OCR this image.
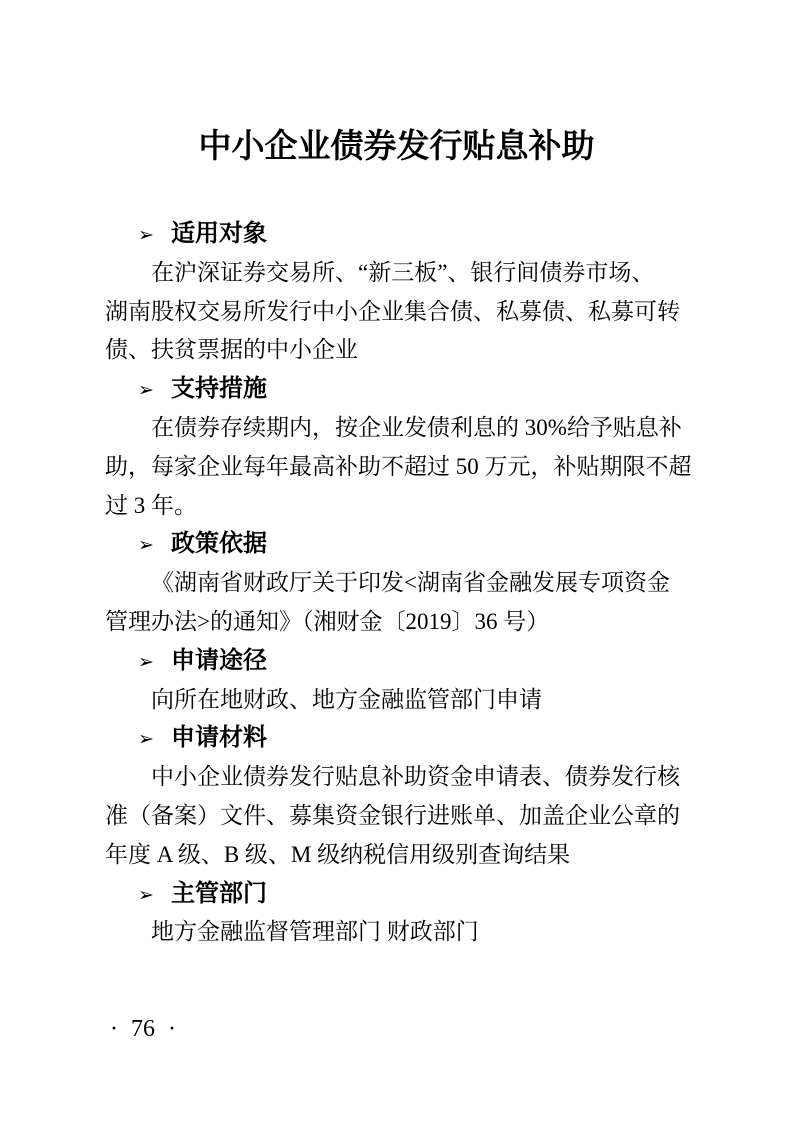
中小企业债券发行贴息补助
➢ 适用对象
在沪深证券交易所、“新三板”、银行间债券市场、
湖南股权交易所发行中小企业集合债、私募债、私募可转
债、扶贫票据的中小企业
➢ 支持措施
在债券存续期内，按企业发债利息的 30%给予贴息补
助，每家企业每年最高补助不超过 50 万元，补贴期限不超
过 3 年。
➢ 政策依据
《湖南省财政厅关于印发<湖南省金融发展专项资金
管理办法>的通知》（湘财金〔2019〕36 号）
➢ 申请途径
向所在地财政、地方金融监管部门申请
➢ 申请材料
中小企业债券发行贴息补助资金申请表、债券发行核
准（备案）文件、募集资金银行进账单、加盖企业公章的
年度 A 级、B 级、M 级纳税信用级别查询结果
➢ 主管部门
地方金融监督管理部门 财政部门
· 76 ·
